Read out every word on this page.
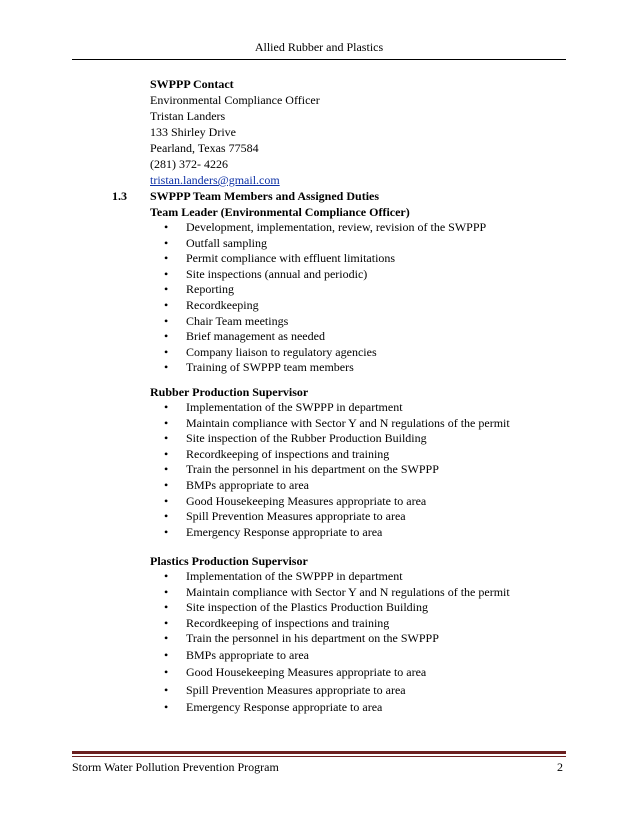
Allied Rubber and Plastics
SWPPP Contact
Environmental Compliance Officer
Tristan Landers
133 Shirley Drive
Pearland, Texas 77584
(281) 372- 4226
tristan.landers@gmail.com
1.3 SWPPP Team Members and Assigned Duties
Team Leader (Environmental Compliance Officer)
• Development, implementation, review, revision of the SWPPP
• Outfall sampling
• Permit compliance with effluent limitations
• Site inspections (annual and periodic)
• Reporting
• Recordkeeping
• Chair Team meetings
• Brief management as needed
• Company liaison to regulatory agencies
• Training of SWPPP team members
Rubber Production Supervisor
• Implementation of the SWPPP in department
• Maintain compliance with Sector Y and N regulations of the permit
• Site inspection of the Rubber Production Building
• Recordkeeping of inspections and training
• Train the personnel in his department on the SWPPP
• BMPs appropriate to area
• Good Housekeeping Measures appropriate to area
• Spill Prevention Measures appropriate to area
• Emergency Response appropriate to area
Plastics Production Supervisor
• Implementation of the SWPPP in department
• Maintain compliance with Sector Y and N regulations of the permit
• Site inspection of the Plastics Production Building
• Recordkeeping of inspections and training
• Train the personnel in his department on the SWPPP
• BMPs appropriate to area
• Good Housekeeping Measures appropriate to area
• Spill Prevention Measures appropriate to area
• Emergency Response appropriate to area
Storm Water Pollution Prevention Program	2
